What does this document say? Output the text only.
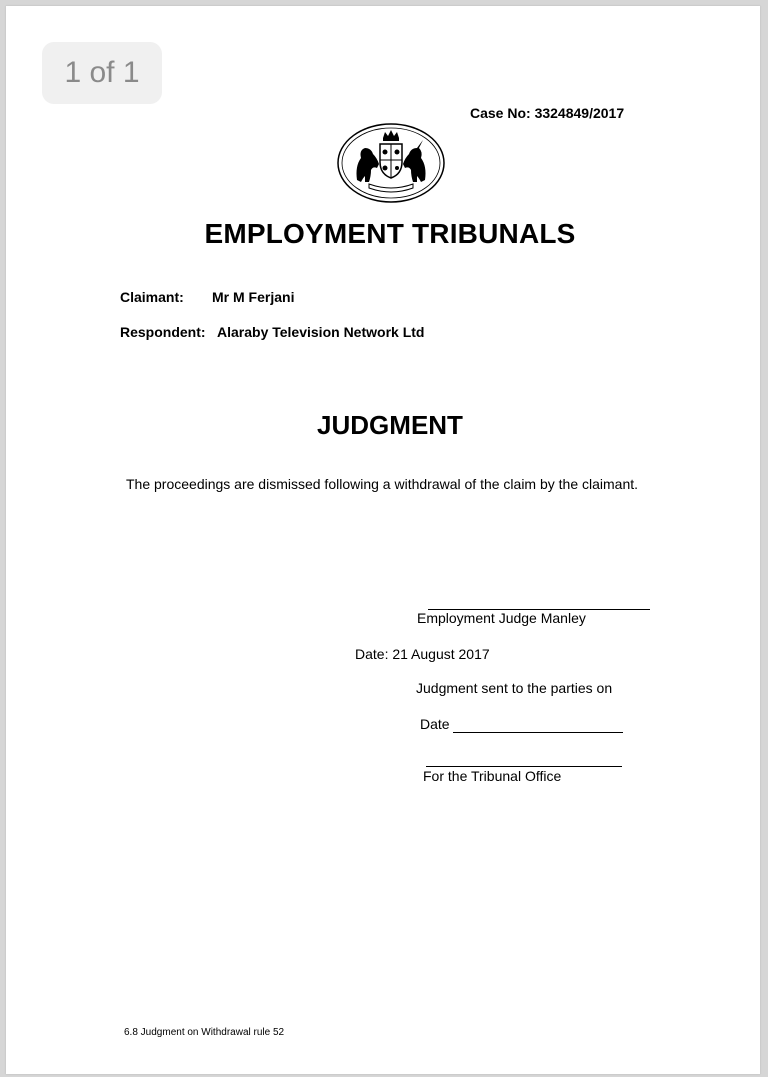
Case No: 3324849/2017
EMPLOYMENT TRIBUNALS
Claimant: Mr M Ferjani
Respondent: Alaraby Television Network Ltd
JUDGMENT
The proceedings are dismissed following a withdrawal of the claim by the claimant.
Employment Judge Manley
Date: 21 August 2017
Judgment sent to the parties on
Date
For the Tribunal Office
6.8 Judgment on Withdrawal rule 52
1 of 1
